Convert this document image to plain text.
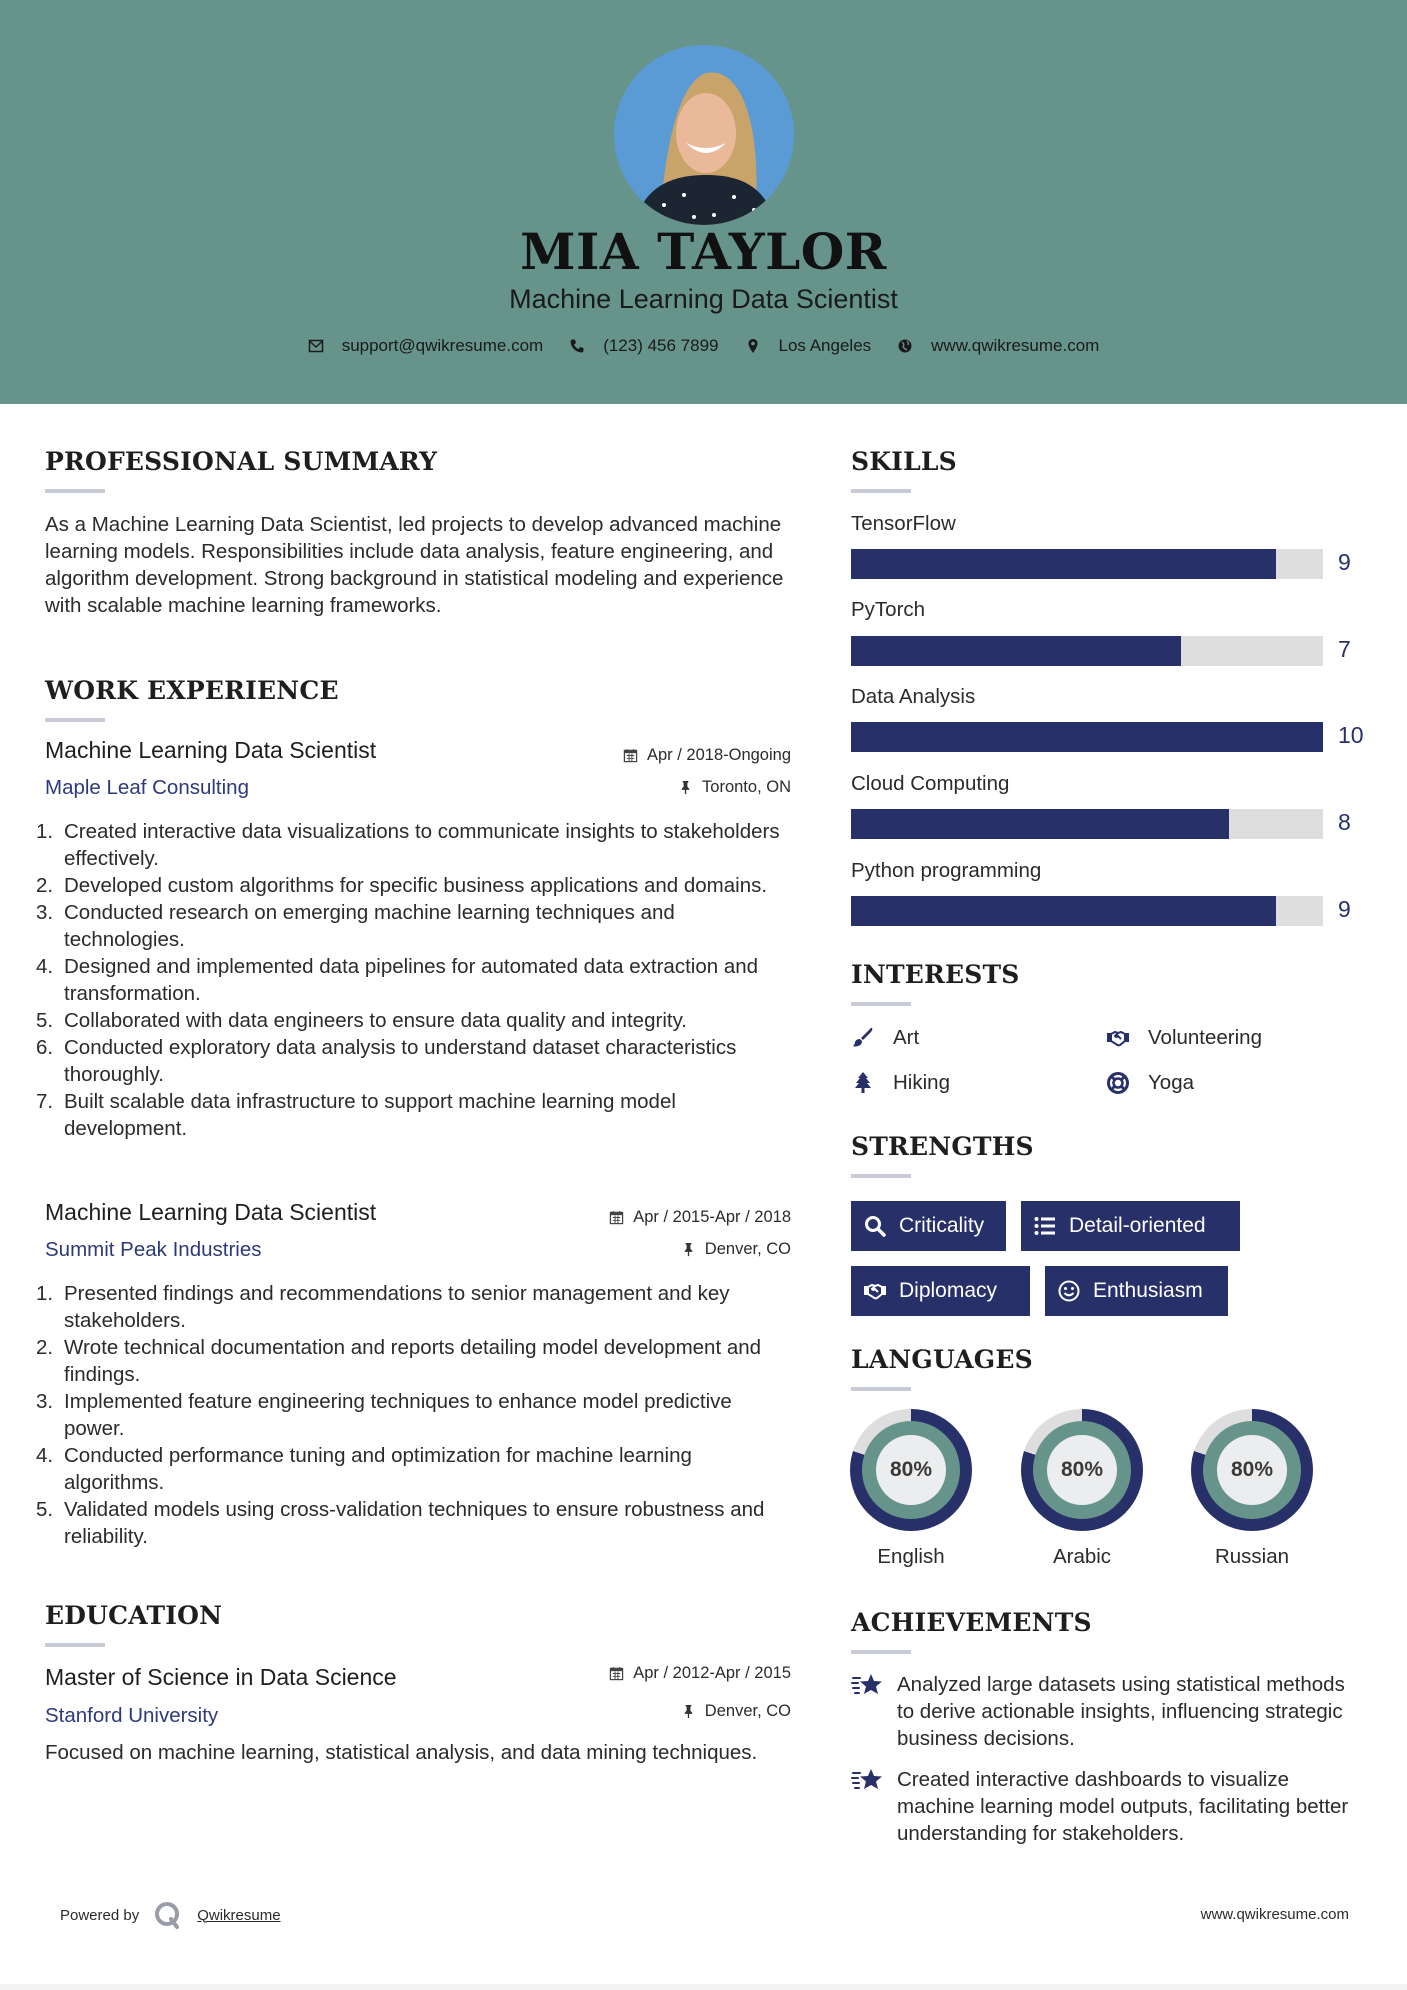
MIA TAYLOR
Machine Learning Data Scientist
support@qwikresume.com	(123) 456 7899	Los Angeles	www.qwikresume.com
PROFESSIONAL SUMMARY
As a Machine Learning Data Scientist, led projects to develop advanced machine learning models. Responsibilities include data analysis, feature engineering, and algorithm development. Strong background in statistical modeling and experience with scalable machine learning frameworks.
WORK EXPERIENCE
Machine Learning Data Scientist	Apr / 2018-Ongoing
Maple Leaf Consulting	Toronto, ON
1. Created interactive data visualizations to communicate insights to stakeholders effectively.
2. Developed custom algorithms for specific business applications and domains.
3. Conducted research on emerging machine learning techniques and technologies.
4. Designed and implemented data pipelines for automated data extraction and transformation.
5. Collaborated with data engineers to ensure data quality and integrity.
6. Conducted exploratory data analysis to understand dataset characteristics thoroughly.
7. Built scalable data infrastructure to support machine learning model development.
Machine Learning Data Scientist	Apr / 2015-Apr / 2018
Summit Peak Industries	Denver, CO
1. Presented findings and recommendations to senior management and key stakeholders.
2. Wrote technical documentation and reports detailing model development and findings.
3. Implemented feature engineering techniques to enhance model predictive power.
4. Conducted performance tuning and optimization for machine learning algorithms.
5. Validated models using cross-validation techniques to ensure robustness and reliability.
EDUCATION
Master of Science in Data Science	Apr / 2012-Apr / 2015
Stanford University	Denver, CO
Focused on machine learning, statistical analysis, and data mining techniques.
SKILLS
TensorFlow
9
PyTorch
7
Data Analysis
10
Cloud Computing
8
Python programming
9
INTERESTS
Art	Volunteering
Hiking	Yoga
STRENGTHS
Criticality	Detail-oriented
Diplomacy	Enthusiasm
LANGUAGES
80%
English
80%
Arabic
80%
Russian
ACHIEVEMENTS
Analyzed large datasets using statistical methods to derive actionable insights, influencing strategic business decisions.
Created interactive dashboards to visualize machine learning model outputs, facilitating better understanding for stakeholders.
Powered by	Qwikresume	www.qwikresume.com
